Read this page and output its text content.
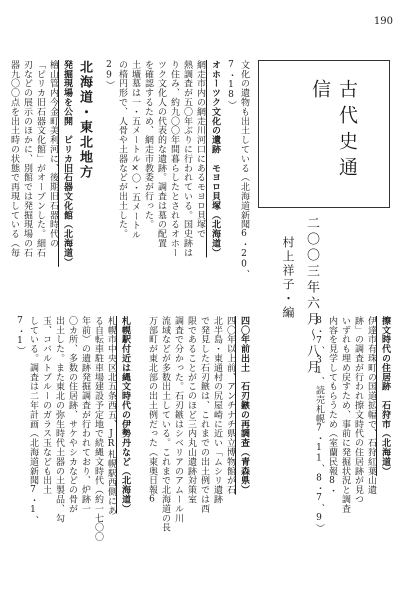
190
古代史通信
二〇〇三年六月〜八月
村上祥子・編
文化の遺物も出土している（北海道新聞6・20、
7・18）
オホーツク文化の遺跡　モヨロ貝塚（北海道）
網走市内の網走川河口にあるモヨロ貝塚で
熱調査が五〇年ぶりに行われている。国史跡は
り住み、約九〇〇年間暮らしたとされるオホー
ツク文化人の代表的な遺跡。調査は墓の配置
を確認するため、網走市教委が行った。
土壙墓は一・五メートル×〇・五メートル
の楕円形で、人骨や土器などが出土した。
29）
北海道・東北地方
発掘現場を公開　ピリカ旧石器文化館（北海道）
檜山管内今金町美利河に、後期旧石器時代の
「ピリカ旧石器文化館」がオープンした。細石
刃などの展示のほかに、別館では発掘現場の石
器九〇〇点を出土時の状態で再現している（毎
擦文時代の住居跡　石狩市（北海道）
伊達市有珠町の国道拡幅で、石狩紅葉山遺
跡」の調査が行われ擦文時代の住居跡が見つ
いずれも埋め戻すため、事前に発掘状況と調査
内容を見学してもらうため（室蘭民報8・
8・7、31、読売札幌7・11、8・7、9）
四〇年前出土　石刃鏃の再調査（青森県）
四〇年以上前、アンチナチ県立博物館が石
北半島・東通村の尻屋崎に近い「ムシリ遺跡
で発見した石刃鏃は、これまでの出土例では西
限であることがこのほど三内丸山遺跡対策室
調査で分かった。石刃鏃はシベリアのアムール川
流域などが多数出土している。これまで北海道の長
万部町が東北部の出土例だった（東奥日報6
札幌駅付近は縄文時代の伊勢丹など（北海道）
札幌市中央区北五条西五、JR札幌駅西側にあ
る自転車駐車場建設予定地で続縄文時代（約一七〇〇
年前）の遺跡発掘調査が行われており、炉跡一
〇カ所、多数の住居跡、サケやシカなどの骨が
出土した。また東北の弥生時代土器の土製品、勾
玉、コバルトブルーのガラス玉なども出土
している。調査は二年計画（北海道新聞7・1、
7・1）
